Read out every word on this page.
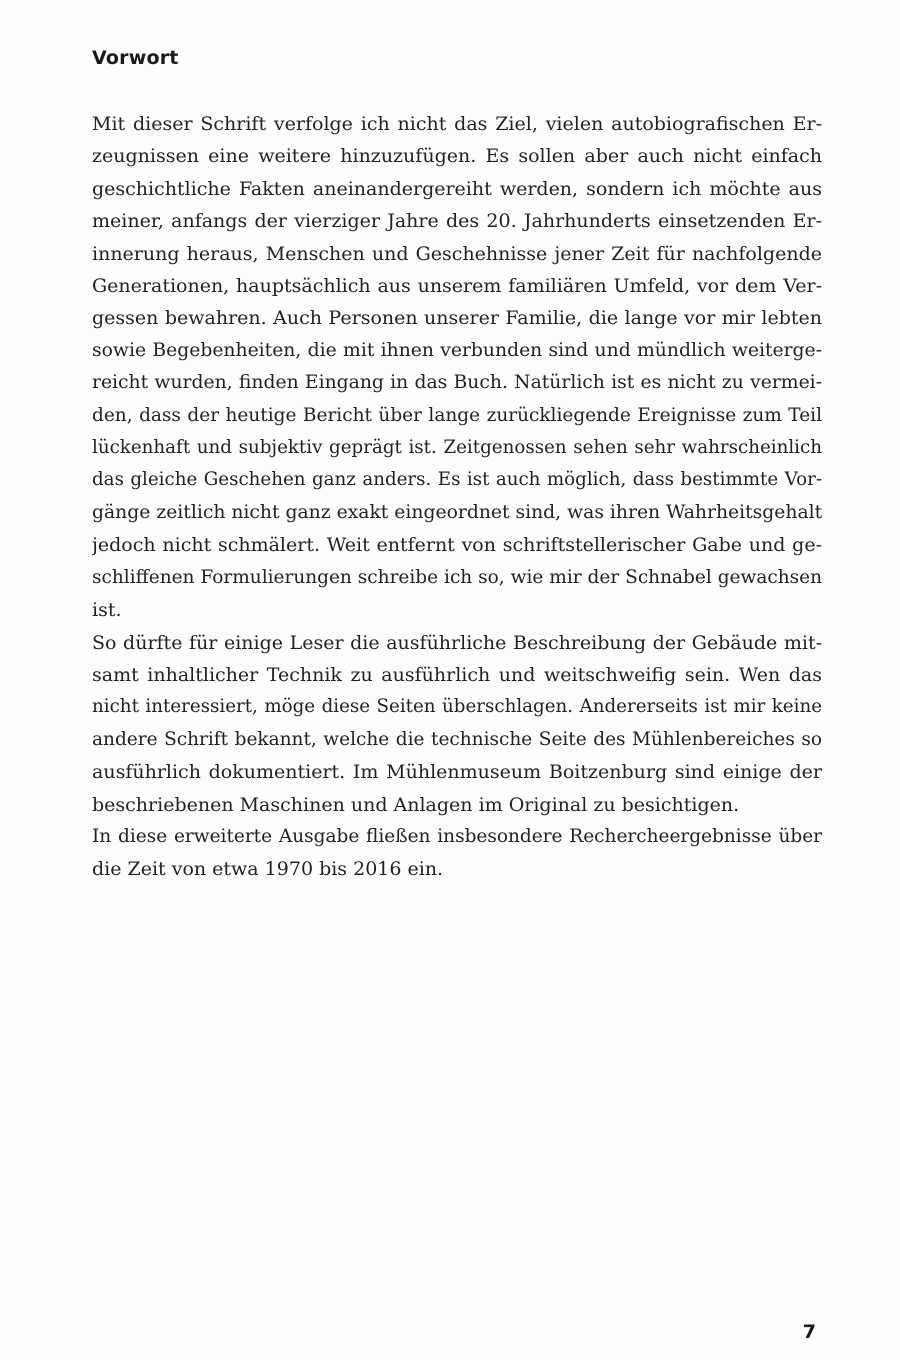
Vorwort
Mit dieser Schrift verfolge ich nicht das Ziel, vielen autobiografischen Er-
zeugnissen eine weitere hinzuzufügen. Es sollen aber auch nicht einfach
geschichtliche Fakten aneinandergereiht werden, sondern ich möchte aus
meiner, anfangs der vierziger Jahre des 20. Jahrhunderts einsetzenden Er-
innerung heraus, Menschen und Geschehnisse jener Zeit für nachfolgende
Generationen, hauptsächlich aus unserem familiären Umfeld, vor dem Ver-
gessen bewahren. Auch Personen unserer Familie, die lange vor mir lebten
sowie Begebenheiten, die mit ihnen verbunden sind und mündlich weiterge-
reicht wurden, finden Eingang in das Buch. Natürlich ist es nicht zu vermei-
den, dass der heutige Bericht über lange zurückliegende Ereignisse zum Teil
lückenhaft und subjektiv geprägt ist. Zeitgenossen sehen sehr wahrscheinlich
das gleiche Geschehen ganz anders. Es ist auch möglich, dass bestimmte Vor-
gänge zeitlich nicht ganz exakt eingeordnet sind, was ihren Wahrheitsgehalt
jedoch nicht schmälert. Weit entfernt von schriftstellerischer Gabe und ge-
schliffenen Formulierungen schreibe ich so, wie mir der Schnabel gewachsen
ist.
So dürfte für einige Leser die ausführliche Beschreibung der Gebäude mit-
samt inhaltlicher Technik zu ausführlich und weitschweifig sein. Wen das
nicht interessiert, möge diese Seiten überschlagen. Andererseits ist mir keine
andere Schrift bekannt, welche die technische Seite des Mühlenbereiches so
ausführlich dokumentiert. Im Mühlenmuseum Boitzenburg sind einige der
beschriebenen Maschinen und Anlagen im Original zu besichtigen.
In diese erweiterte Ausgabe fließen insbesondere Rechercheergebnisse über
die Zeit von etwa 1970 bis 2016 ein.
7
